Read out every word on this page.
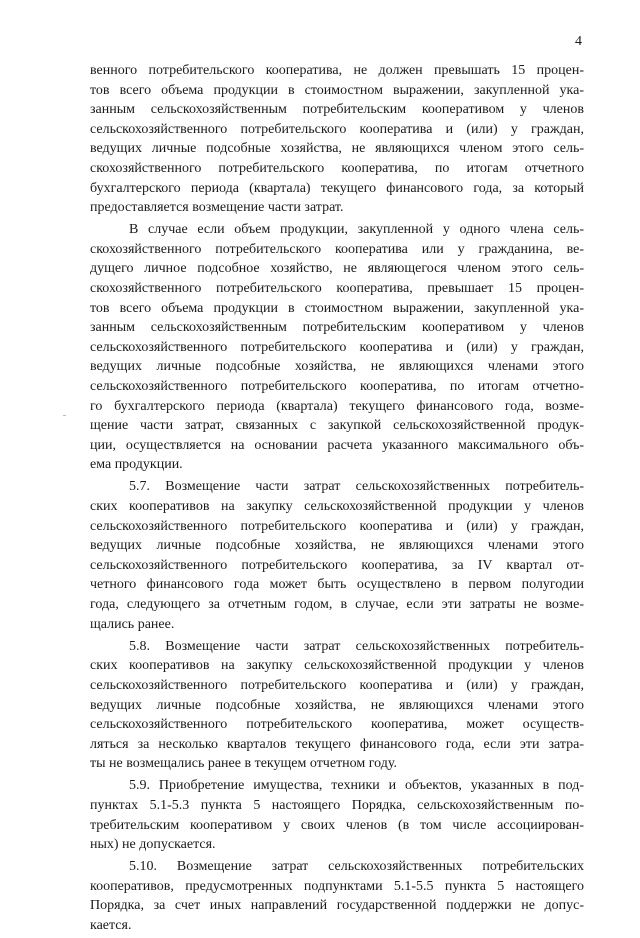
4
венного потребительского кооператива, не должен превышать 15 процен-
тов всего объема продукции в стоимостном выражении, закупленной ука-
занным сельскохозяйственным потребительским кооперативом у членов
сельскохозяйственного потребительского кооператива и (или) у граждан,
ведущих личные подсобные хозяйства, не являющихся членом этого сель-
скохозяйственного потребительского кооператива, по итогам отчетного
бухгалтерского периода (квартала) текущего финансового года, за который
предоставляется возмещение части затрат.
В случае если объем продукции, закупленной у одного члена сель-
скохозяйственного потребительского кооператива или у гражданина, ве-
дущего личное подсобное хозяйство, не являющегося членом этого сель-
скохозяйственного потребительского кооператива, превышает 15 процен-
тов всего объема продукции в стоимостном выражении, закупленной ука-
занным сельскохозяйственным потребительским кооперативом у членов
сельскохозяйственного потребительского кооператива и (или) у граждан,
ведущих личные подсобные хозяйства, не являющихся членами этого
сельскохозяйственного потребительского кооператива, по итогам отчетно-
го бухгалтерского периода (квартала) текущего финансового года, возме-
щение части затрат, связанных с закупкой сельскохозяйственной продук-
ции, осуществляется на основании расчета указанного максимального объ-
ема продукции.
5.7. Возмещение части затрат сельскохозяйственных потребитель-
ских кооперативов на закупку сельскохозяйственной продукции у членов
сельскохозяйственного потребительского кооператива и (или) у граждан,
ведущих личные подсобные хозяйства, не являющихся членами этого
сельскохозяйственного потребительского кооператива, за IV квартал от-
четного финансового года может быть осуществлено в первом полугодии
года, следующего за отчетным годом, в случае, если эти затраты не возме-
щались ранее.
5.8. Возмещение части затрат сельскохозяйственных потребитель-
ских кооперативов на закупку сельскохозяйственной продукции у членов
сельскохозяйственного потребительского кооператива и (или) у граждан,
ведущих личные подсобные хозяйства, не являющихся членами этого
сельскохозяйственного потребительского кооператива, может осуществ-
ляться за несколько кварталов текущего финансового года, если эти затра-
ты не возмещались ранее в текущем отчетном году.
5.9. Приобретение имущества, техники и объектов, указанных в под-
пунктах 5.1-5.3 пункта 5 настоящего Порядка, сельскохозяйственным по-
требительским кооперативом у своих членов (в том числе ассоциирован-
ных) не допускается.
5.10. Возмещение затрат сельскохозяйственных потребительских
кооперативов, предусмотренных подпунктами 5.1-5.5 пункта 5 настоящего
Порядка, за счет иных направлений государственной поддержки не допус-
кается.
